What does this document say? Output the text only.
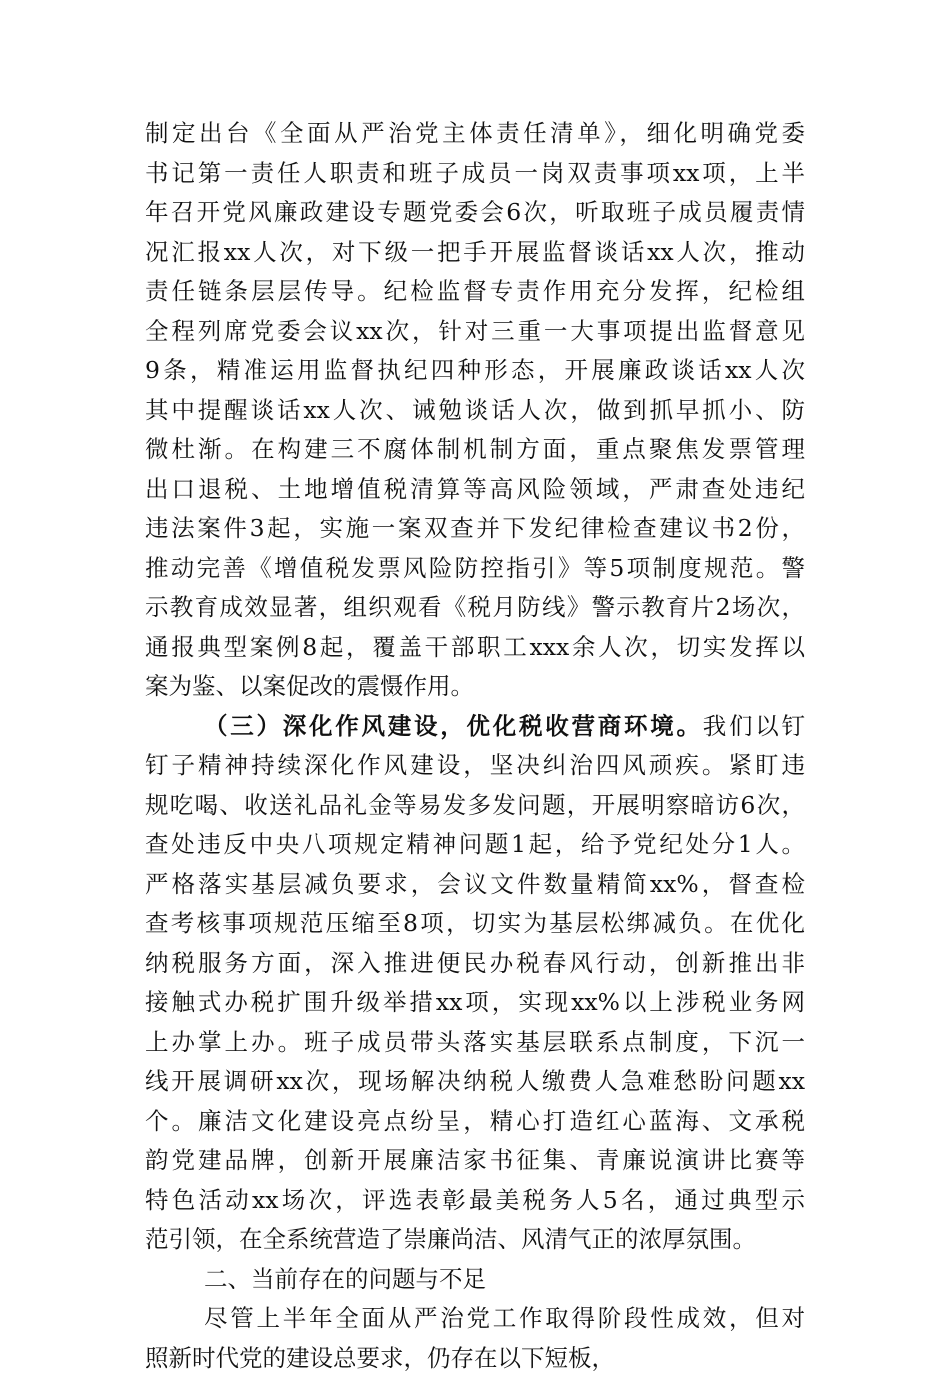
制定出台《全面从严治党主体责任清单》，细化明确党委
书记第一责任人职责和班子成员一岗双责事项xx项，上半
年召开党风廉政建设专题党委会6次，听取班子成员履责情
况汇报xx人次，对下级一把手开展监督谈话xx人次，推动
责任链条层层传导。纪检监督专责作用充分发挥，纪检组
全程列席党委会议xx次，针对三重一大事项提出监督意见
9条，精准运用监督执纪四种形态，开展廉政谈话xx人次
其中提醒谈话xx人次、诫勉谈话人次，做到抓早抓小、防
微杜渐。在构建三不腐体制机制方面，重点聚焦发票管理
出口退税、土地增值税清算等高风险领域，严肃查处违纪
违法案件3起，实施一案双查并下发纪律检查建议书2份，
推动完善《增值税发票风险防控指引》等5项制度规范。警
示教育成效显著，组织观看《税月防线》警示教育片2场次，
通报典型案例8起，覆盖干部职工xxx余人次，切实发挥以
案为鉴、以案促改的震慑作用。
（三）深化作风建设，优化税收营商环境。我们以钉
钉子精神持续深化作风建设，坚决纠治四风顽疾。紧盯违
规吃喝、收送礼品礼金等易发多发问题，开展明察暗访6次，
查处违反中央八项规定精神问题1起，给予党纪处分1人。
严格落实基层减负要求，会议文件数量精简xx%，督查检
查考核事项规范压缩至8项，切实为基层松绑减负。在优化
纳税服务方面，深入推进便民办税春风行动，创新推出非
接触式办税扩围升级举措xx项，实现xx%以上涉税业务网
上办掌上办。班子成员带头落实基层联系点制度，下沉一
线开展调研xx次，现场解决纳税人缴费人急难愁盼问题xx
个。廉洁文化建设亮点纷呈，精心打造红心蓝海、文承税
韵党建品牌，创新开展廉洁家书征集、青廉说演讲比赛等
特色活动xx场次，评选表彰最美税务人5名，通过典型示
范引领，在全系统营造了崇廉尚洁、风清气正的浓厚氛围。
二、当前存在的问题与不足
尽管上半年全面从严治党工作取得阶段性成效，但对
照新时代党的建设总要求，仍存在以下短板，
